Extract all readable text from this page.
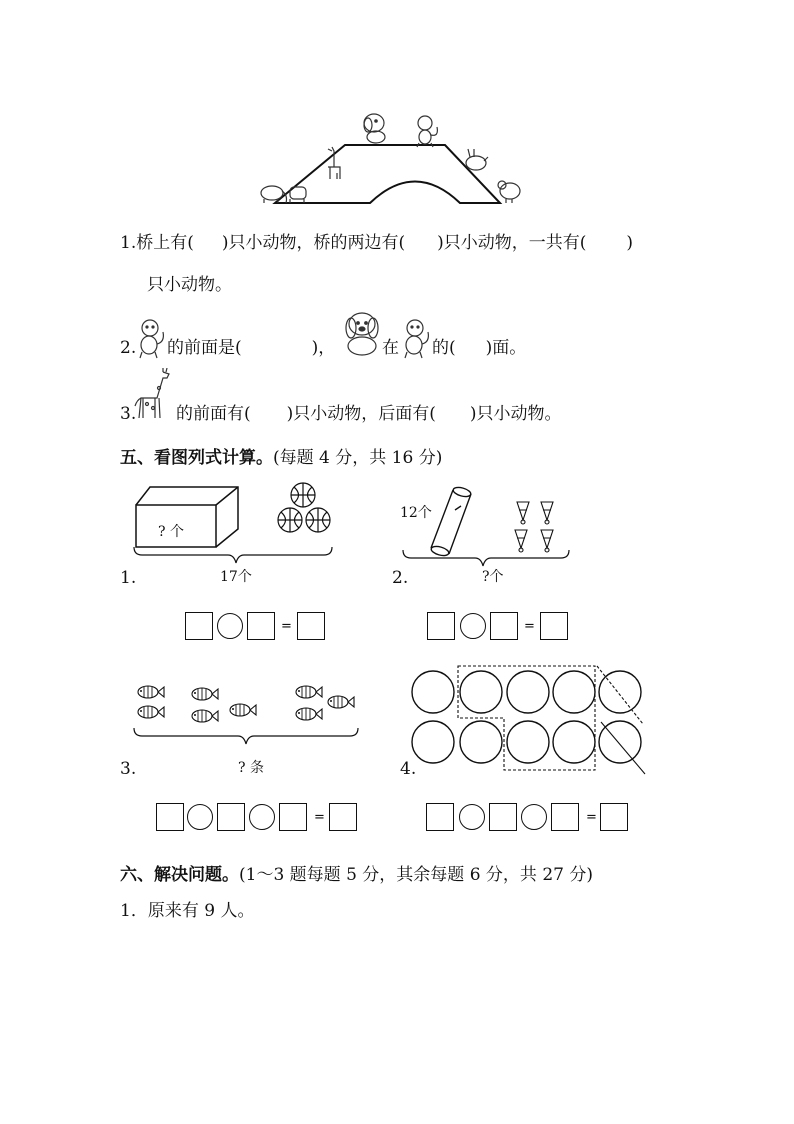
1.桥上有( )只小动物，桥的两边有( )只小动物，一共有( )
只小动物。
2. 的前面是(	)，	在 的( )面。
3. 的前面有( )只小动物，后面有( )只小动物。
五、看图列式计算。(每题 4 分，共 16 分)
? 个
1.	17个
=
12个
2.	?个
=
3.	? 条
=
4.
=
六、解决问题。(1～3 题每题 5 分，其余每题 6 分，共 27 分)
1．原来有 9 人。
